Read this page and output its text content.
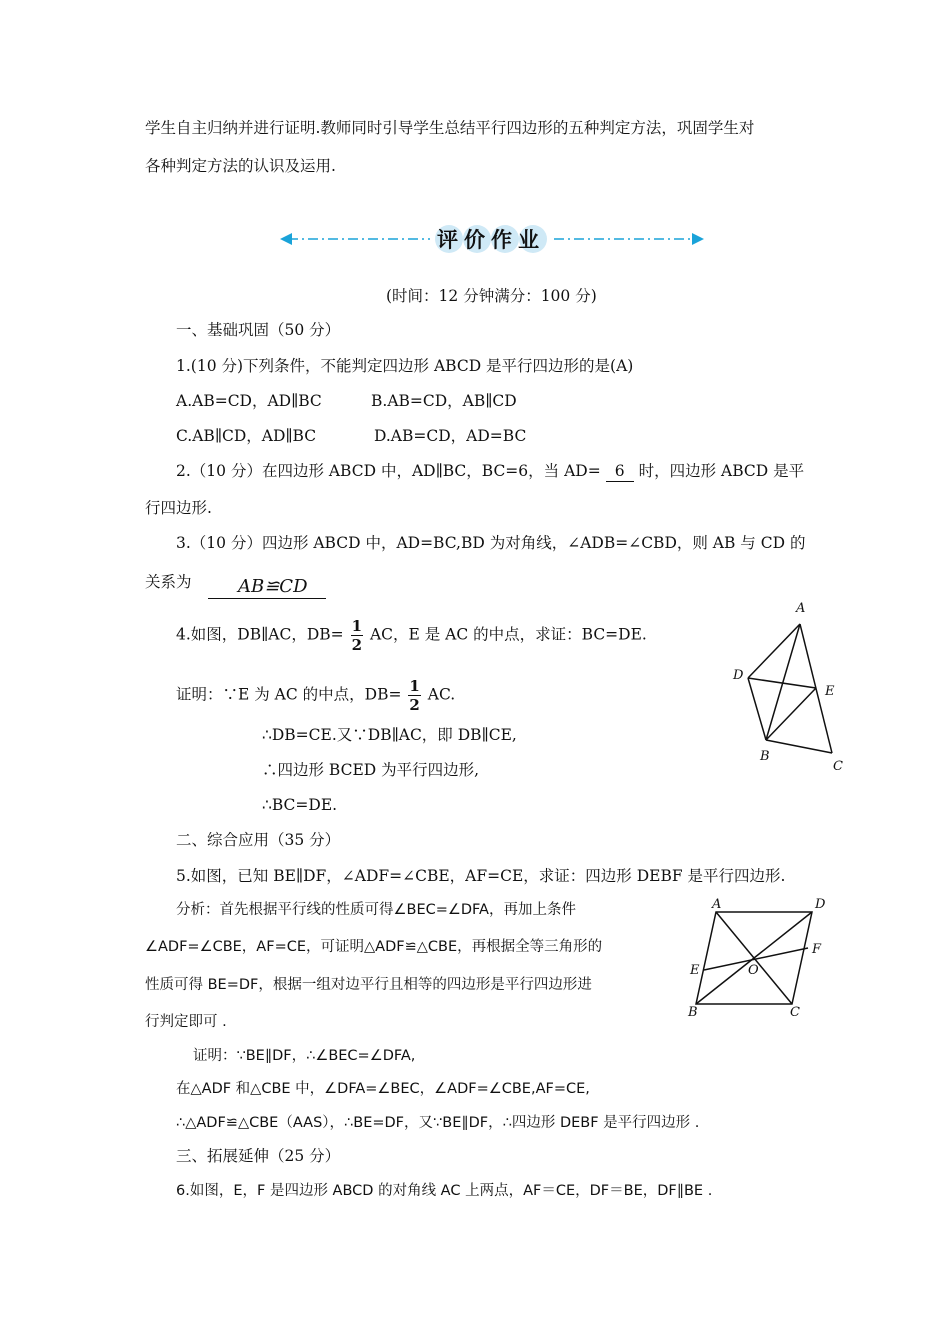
学生自主归纳并进行证明.教师同时引导学生总结平行四边形的五种判定方法，巩固学生对
各种判定方法的认识及运用.
评价作业
(时间：12 分钟满分：100 分)
一、基础巩固（50 分）
1.(10 分)下列条件，不能判定四边形 ABCD 是平行四边形的是(A)
A.AB=CD，AD∥BC	B.AB=CD，AB∥CD
C.AB∥CD，AD∥BC	D.AB=CD，AD=BC
2.（10 分）在四边形 ABCD 中，AD∥BC，BC=6，当 AD= 6 时，四边形 ABCD 是平
行四边形.
3.（10 分）四边形 ABCD 中，AD=BC,BD 为对角线，∠ADB=∠CBD，则 AB 与 CD 的
关系为	AB≌CD
4.如图，DB∥AC，$DB= \frac{1}{2}$ AC，E 是 AC 的中点，求证：BC=DE.
证明：∵E 为 AC 的中点，$DB= \frac{1}{2}$ AC.
∴DB=CE.又∵DB∥AC，即 DB∥CE,
∴四边形 BCED 为平行四边形,
∴BC=DE.
A
D
E
B
C
二、综合应用（35 分）
5.如图，已知 BE∥DF，∠ADF=∠CBE，AF=CE，求证：四边形 DEBF 是平行四边形.
分析：首先根据平行线的性质可得∠BEC=∠DFA，再加上条件
∠ADF=∠CBE，AF=CE，可证明△ADF≌△CBE，再根据全等三角形的
性质可得 BE=DF，根据一组对边平行且相等的四边形是平行四边形进
行判定即可 .
证明：∵BE∥DF，∴∠BEC=∠DFA,
在△ADF 和△CBE 中，∠DFA=∠BEC，∠ADF=∠CBE,AF=CE,
∴△ADF≌△CBE（AAS），∴BE=DF，又∵BE∥DF，∴四边形 DEBF 是平行四边形 .
A	D
F
E	O
B	C
三、拓展延伸（25 分）
6.如图，E，F 是四边形 ABCD 的对角线 AC 上两点，AF＝CE，DF＝BE，DF∥BE .
